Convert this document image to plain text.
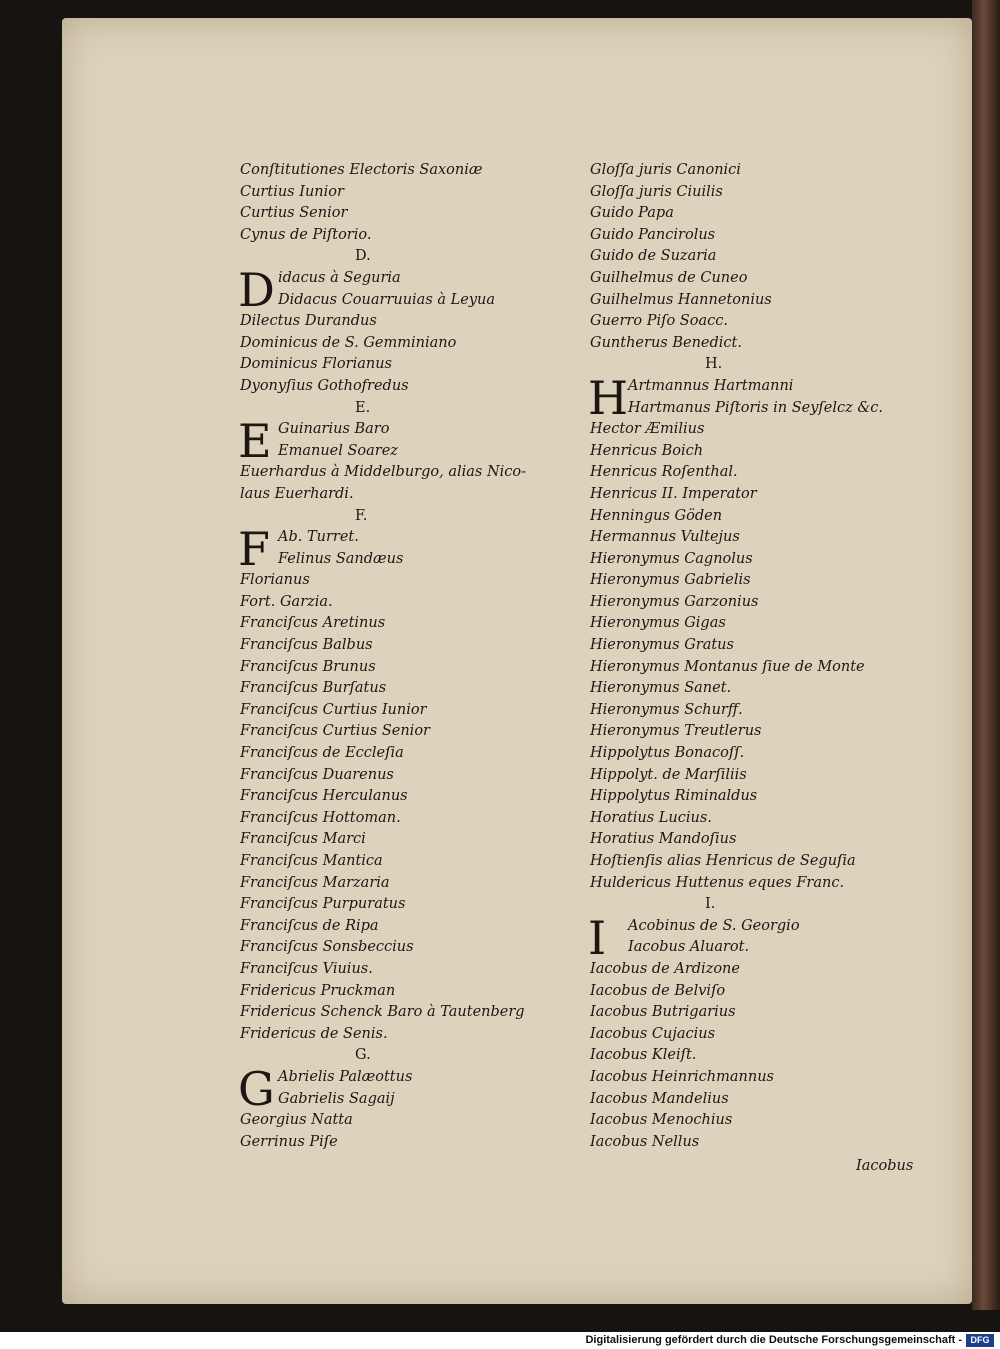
Conſtitutiones Electoris Saxoniæ
Curtius Iunior
Curtius Senior
Cynus de Piſtorio.
D.
D idacus à Seguria
Didacus Couarruuias à Leyua
Dilectus Durandus
Dominicus de S. Gemminiano
Dominicus Florianus
Dyonyſius Gothofredus
E.
E Guinarius Baro
Emanuel Soarez
Euerhardus à Middelburgo, alias Nico-
laus Euerhardi.
F.
F Ab. Turret.
Felinus Sandæus
Florianus
Fort. Garzia.
Franciſcus Aretinus
Franciſcus Balbus
Franciſcus Brunus
Franciſcus Burſatus
Franciſcus Curtius Iunior
Franciſcus Curtius Senior
Franciſcus de Eccleſia
Franciſcus Duarenus
Franciſcus Herculanus
Franciſcus Hottoman.
Franciſcus Marci
Franciſcus Mantica
Franciſcus Marzaria
Franciſcus Purpuratus
Franciſcus de Ripa
Franciſcus Sonsbeccius
Franciſcus Viuius.
Fridericus Pruckman
Fridericus Schenck Baro à Tautenberg
Fridericus de Senis.
G.
G Abrielis Palæottus
Gabrielis Sagaij
Georgius Natta
Gerrinus Piſe
Gloſſa juris Canonici
Gloſſa juris Ciuilis
Guido Papa
Guido Pancirolus
Guido de Suzaria
Guilhelmus de Cuneo
Guilhelmus Hannetonius
Guerro Piſo Soacc.
Guntherus Benedict.
H.
H Artmannus Hartmanni
Hartmanus Piſtoris in Seyſelcz &c.
Hector Æmilius
Henricus Boich
Henricus Roſenthal.
Henricus II. Imperator
Henningus Göden
Hermannus Vultejus
Hieronymus Cagnolus
Hieronymus Gabrielis
Hieronymus Garzonius
Hieronymus Gigas
Hieronymus Gratus
Hieronymus Montanus ſiue de Monte
Hieronymus Sanet.
Hieronymus Schurff.
Hieronymus Treutlerus
Hippolytus Bonacoſſ.
Hippolyt. de Marſiliis
Hippolytus Riminaldus
Horatius Lucius.
Horatius Mandoſius
Hoſtienſis alias Henricus de Seguſia
Huldericus Huttenus eques Franc.
I.
I Acobinus de S. Georgio
Iacobus Aluarot.
Iacobus de Ardizone
Iacobus de Belviſo
Iacobus Butrigarius
Iacobus Cujacius
Iacobus Kleiſt.
Iacobus Heinrichmannus
Iacobus Mandelius
Iacobus Menochius
Iacobus Nellus
Iacobus
Digitalisierung gefördert durch die Deutsche Forschungsgemeinschaft - DFG
